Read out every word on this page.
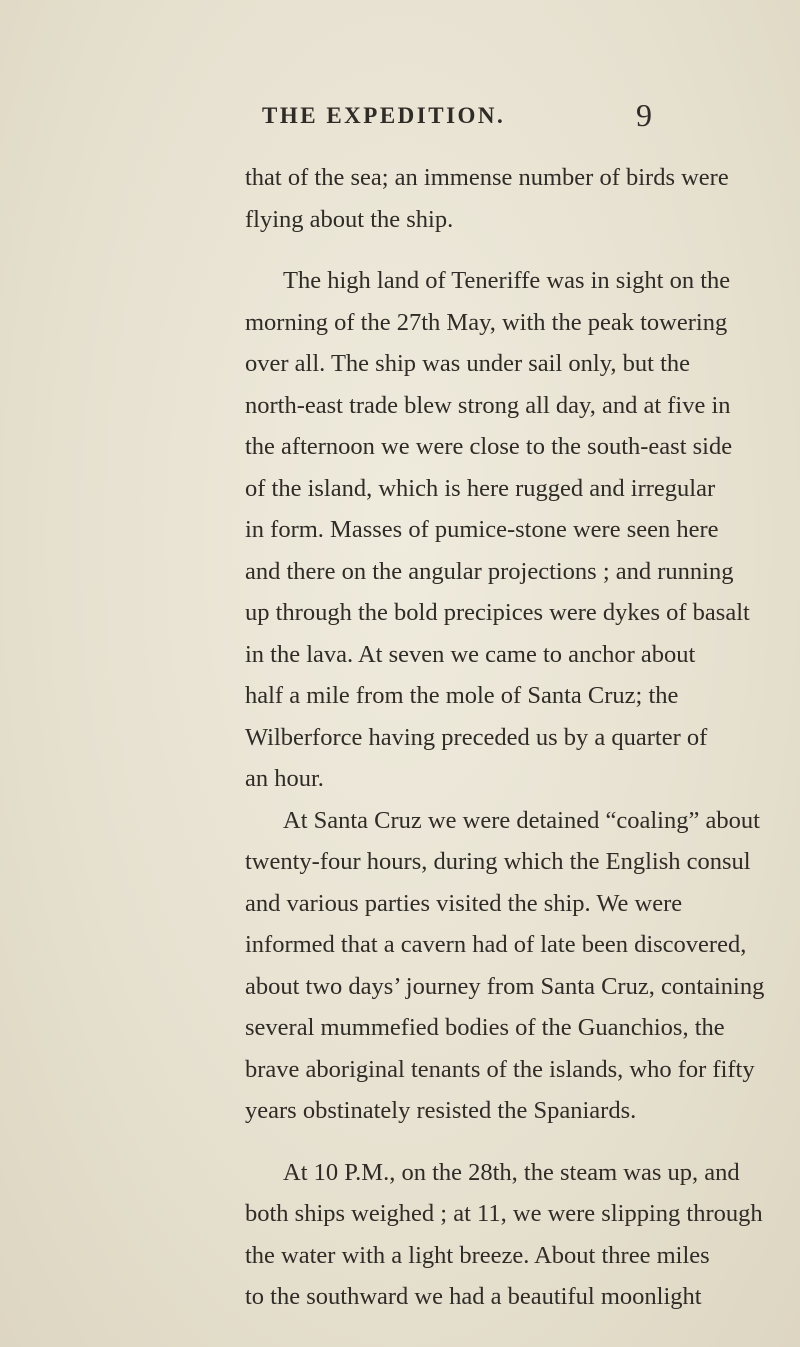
THE EXPEDITION.	9
that of the sea; an immense number of birds were
flying about the ship.
The high land of Teneriffe was in sight on the
morning of the 27th May, with the peak towering
over all. The ship was under sail only, but the
north-east trade blew strong all day, and at five in
the afternoon we were close to the south-east side
of the island, which is here rugged and irregular
in form. Masses of pumice-stone were seen here
and there on the angular projections ; and running
up through the bold precipices were dykes of basalt
in the lava. At seven we came to anchor about
half a mile from the mole of Santa Cruz; the
Wilberforce having preceded us by a quarter of
an hour.
At Santa Cruz we were detained “coaling” about
twenty-four hours, during which the English consul
and various parties visited the ship. We were
informed that a cavern had of late been discovered,
about two days’ journey from Santa Cruz, containing
several mummefied bodies of the Guanchios, the
brave aboriginal tenants of the islands, who for fifty
years obstinately resisted the Spaniards.
At 10 P.M., on the 28th, the steam was up, and
both ships weighed ; at 11, we were slipping through
the water with a light breeze. About three miles
to the southward we had a beautiful moonlight
